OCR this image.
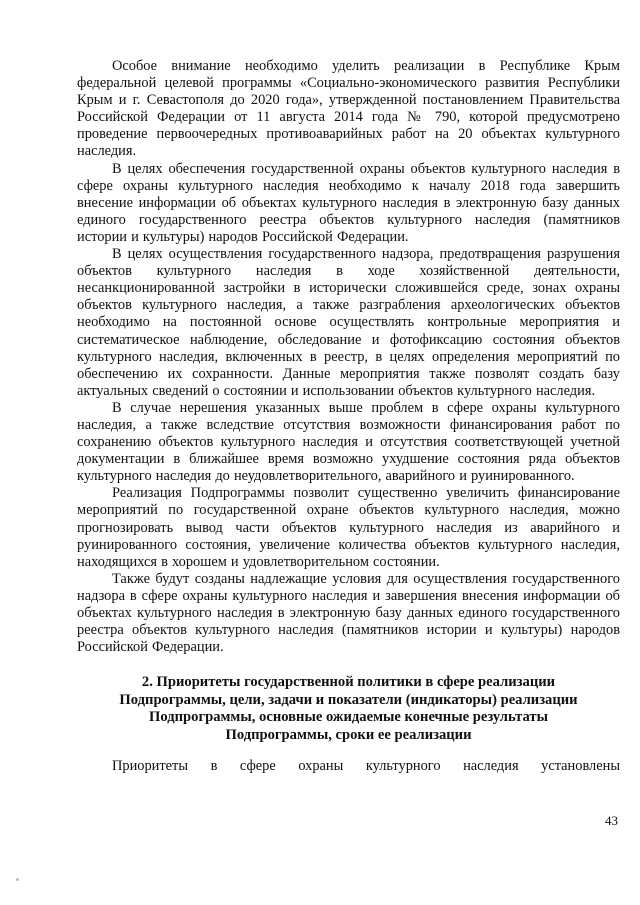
Особое внимание необходимо уделить реализации в Республике Крым федеральной целевой программы «Социально-экономического развития Республики Крым и г. Севастополя до 2020 года», утвержденной постановлением Правительства Российской Федерации от 11 августа 2014 года № 790, которой предусмотрено проведение первоочередных противоаварийных работ на 20 объектах культурного наследия.

В целях обеспечения государственной охраны объектов культурного наследия в сфере охраны культурного наследия необходимо к началу 2018 года завершить внесение информации об объектах культурного наследия в электронную базу данных единого государственного реестра объектов культурного наследия (памятников истории и культуры) народов Российской Федерации.

В целях осуществления государственного надзора, предотвращения разрушения объектов культурного наследия в ходе хозяйственной деятельности, несанкционированной застройки в исторически сложившейся среде, зонах охраны объектов культурного наследия, а также разграбления археологических объектов необходимо на постоянной основе осуществлять контрольные мероприятия и систематическое наблюдение, обследование и фотофиксацию состояния объектов культурного наследия, включенных в реестр, в целях определения мероприятий по обеспечению их сохранности. Данные мероприятия также позволят создать базу актуальных сведений о состоянии и использовании объектов культурного наследия.

В случае нерешения указанных выше проблем в сфере охраны культурного наследия, а также вследствие отсутствия возможности финансирования работ по сохранению объектов культурного наследия и отсутствия соответствующей учетной документации в ближайшее время возможно ухудшение состояния ряда объектов культурного наследия до неудовлетворительного, аварийного и руинированного.

Реализация Подпрограммы позволит существенно увеличить финансирование мероприятий по государственной охране объектов культурного наследия, можно прогнозировать вывод части объектов культурного наследия из аварийного и руинированного состояния, увеличение количества объектов культурного наследия, находящихся в хорошем и удовлетворительном состоянии.

Также будут созданы надлежащие условия для осуществления государственного надзора в сфере охраны культурного наследия и завершения внесения информации об объектах культурного наследия в электронную базу данных единого государственного реестра объектов культурного наследия (памятников истории и культуры) народов Российской Федерации.

2. Приоритеты государственной политики в сфере реализации
Подпрограммы, цели, задачи и показатели (индикаторы) реализации
Подпрограммы, основные ожидаемые конечные результаты
Подпрограммы, сроки ее реализации

Приоритеты в сфере охраны культурного наследия установлены

43
